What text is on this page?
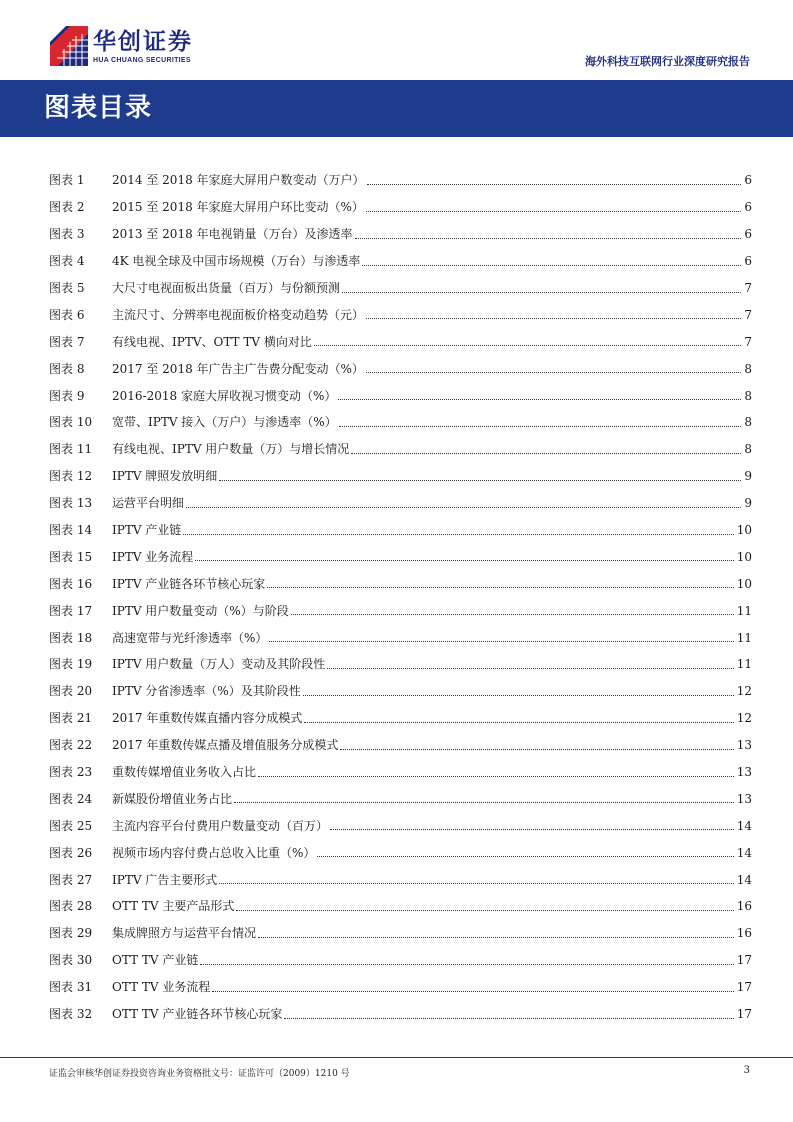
华创证券
HUA CHUANG SECURITIES	海外科技互联网行业深度研究报告
图表目录
图表 1	2014 至 2018 年家庭大屏用户数变动（万户）	6
图表 2	2015 至 2018 年家庭大屏用户环比变动（%）	6
图表 3	2013 至 2018 年电视销量（万台）及渗透率	6
图表 4	4K 电视全球及中国市场规模（万台）与渗透率	6
图表 5	大尺寸电视面板出货量（百万）与份额预测	7
图表 6	主流尺寸、分辨率电视面板价格变动趋势（元）	7
图表 7	有线电视、IPTV、OTT TV 横向对比	7
图表 8	2017 至 2018 年广告主广告费分配变动（%）	8
图表 9	2016-2018 家庭大屏收视习惯变动（%）	8
图表 10	宽带、IPTV 接入（万户）与渗透率（%）	8
图表 11	有线电视、IPTV 用户数量（万）与增长情况	8
图表 12	IPTV 牌照发放明细	9
图表 13	运营平台明细	9
图表 14	IPTV 产业链	10
图表 15	IPTV 业务流程	10
图表 16	IPTV 产业链各环节核心玩家	10
图表 17	IPTV 用户数量变动（%）与阶段	11
图表 18	高速宽带与光纤渗透率（%）	11
图表 19	IPTV 用户数量（万人）变动及其阶段性	11
图表 20	IPTV 分省渗透率（%）及其阶段性	12
图表 21	2017 年重数传媒直播内容分成模式	12
图表 22	2017 年重数传媒点播及增值服务分成模式	13
图表 23	重数传媒增值业务收入占比	13
图表 24	新媒股份增值业务占比	13
图表 25	主流内容平台付费用户数量变动（百万）	14
图表 26	视频市场内容付费占总收入比重（%）	14
图表 27	IPTV 广告主要形式	14
图表 28	OTT TV 主要产品形式	16
图表 29	集成牌照方与运营平台情况	16
图表 30	OTT TV 产业链	17
图表 31	OTT TV 业务流程	17
图表 32	OTT TV 产业链各环节核心玩家	17
证监会审核华创证券投资咨询业务资格批文号：证监许可（2009）1210 号	3
